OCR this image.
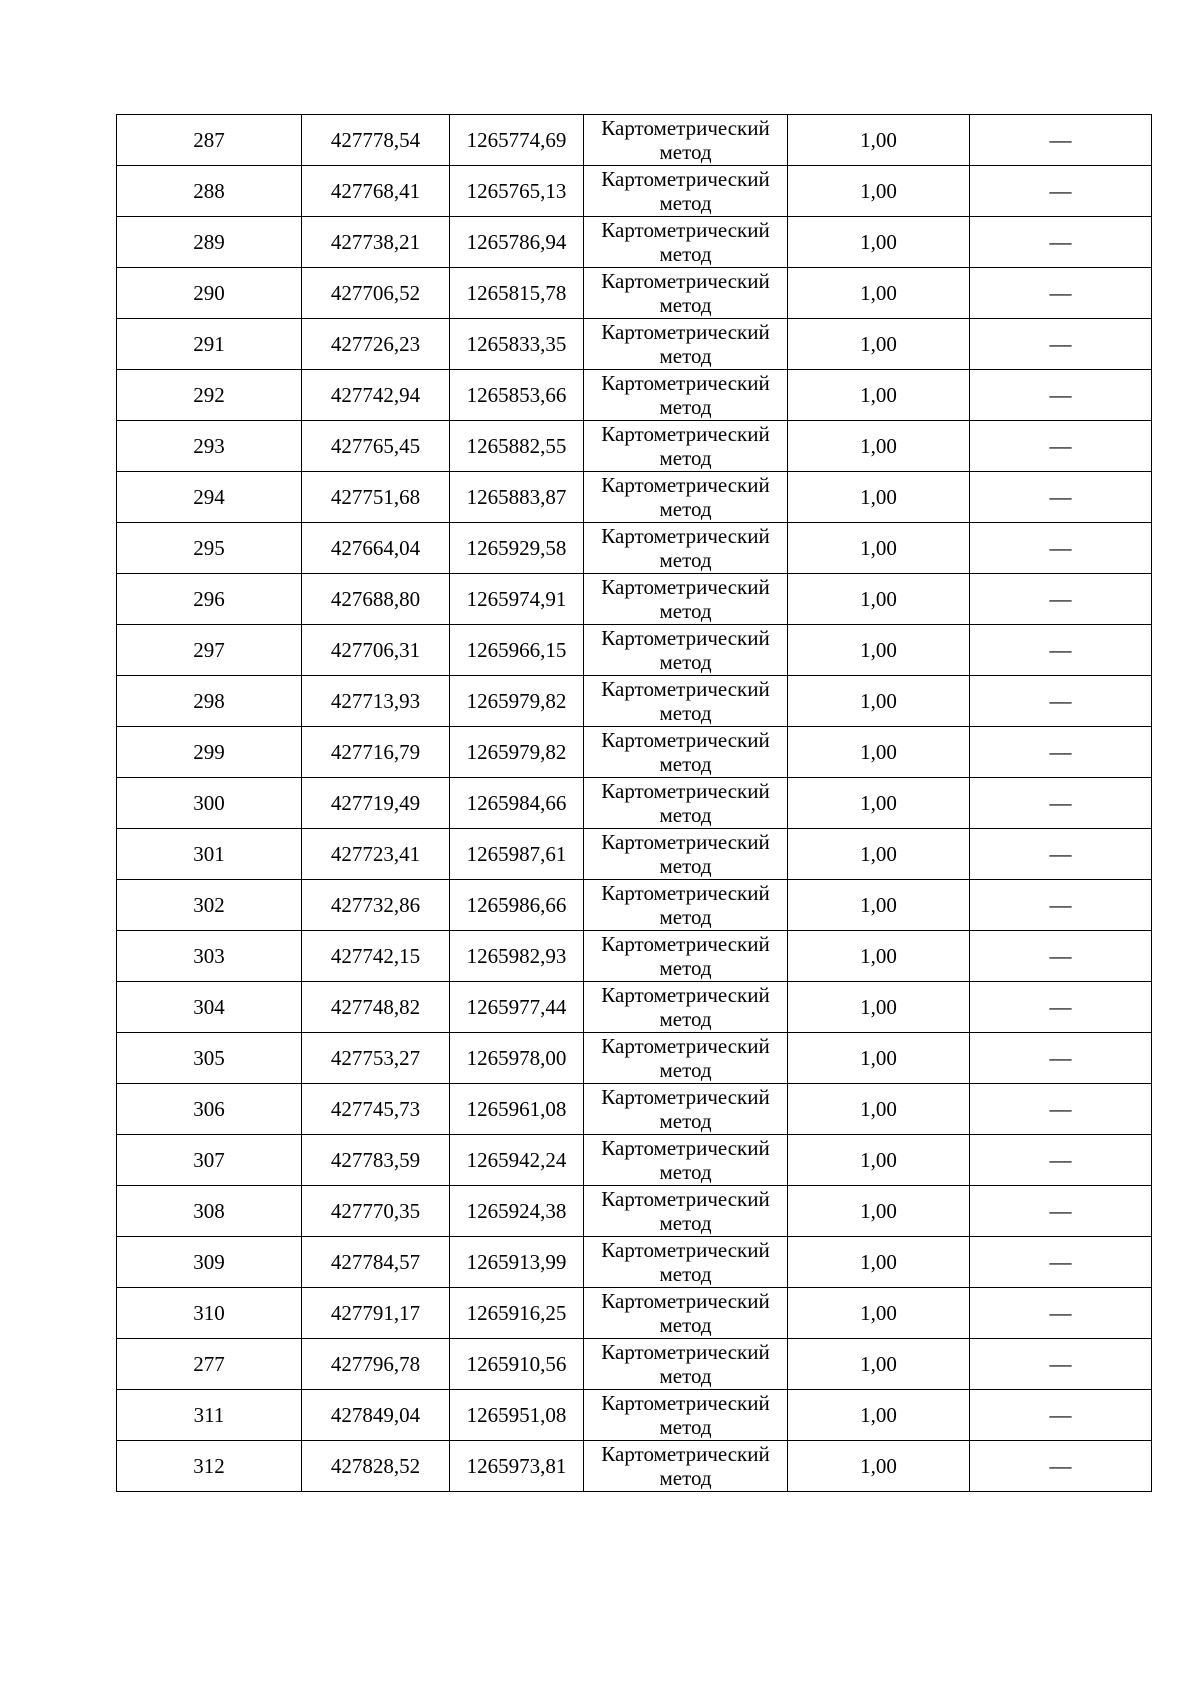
287	427778,54	1265774,69	Картометрический метод	1,00	—
288	427768,41	1265765,13	Картометрический метод	1,00	—
289	427738,21	1265786,94	Картометрический метод	1,00	—
290	427706,52	1265815,78	Картометрический метод	1,00	—
291	427726,23	1265833,35	Картометрический метод	1,00	—
292	427742,94	1265853,66	Картометрический метод	1,00	—
293	427765,45	1265882,55	Картометрический метод	1,00	—
294	427751,68	1265883,87	Картометрический метод	1,00	—
295	427664,04	1265929,58	Картометрический метод	1,00	—
296	427688,80	1265974,91	Картометрический метод	1,00	—
297	427706,31	1265966,15	Картометрический метод	1,00	—
298	427713,93	1265979,82	Картометрический метод	1,00	—
299	427716,79	1265979,82	Картометрический метод	1,00	—
300	427719,49	1265984,66	Картометрический метод	1,00	—
301	427723,41	1265987,61	Картометрический метод	1,00	—
302	427732,86	1265986,66	Картометрический метод	1,00	—
303	427742,15	1265982,93	Картометрический метод	1,00	—
304	427748,82	1265977,44	Картометрический метод	1,00	—
305	427753,27	1265978,00	Картометрический метод	1,00	—
306	427745,73	1265961,08	Картометрический метод	1,00	—
307	427783,59	1265942,24	Картометрический метод	1,00	—
308	427770,35	1265924,38	Картометрический метод	1,00	—
309	427784,57	1265913,99	Картометрический метод	1,00	—
310	427791,17	1265916,25	Картометрический метод	1,00	—
277	427796,78	1265910,56	Картометрический метод	1,00	—
311	427849,04	1265951,08	Картометрический метод	1,00	—
312	427828,52	1265973,81	Картометрический метод	1,00	—
